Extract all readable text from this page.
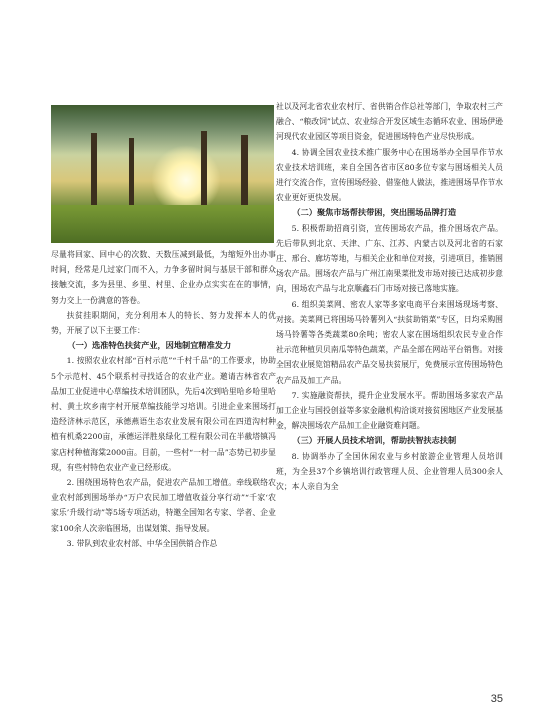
尽量将回家、回中心的次数、天数压减到最低，为缩短外出办事时间，经常是几过家门而不入，力争多留时间与基层干部和群众接触交流，多为县里、乡里、村里、企业办点实实在在的事情，努力交上一份满意的答卷。

扶贫挂职期间，充分利用本人的特长、努力发挥本人的优势，开展了以下主要工作：

（一）选准特色扶贫产业，因地制宜精准发力

1. 按照农业农村部“百村示范”“千村千品”的工作要求，协助5个示范村、45个联系村寻找适合的农业产业。邀请吉林省农产品加工业促进中心草编技术培训团队，先后4次到哈里哈乡哈里哈村、黄土坎乡南字村开展草编技能学习培训。引进企业来围场打造经济林示范区，承德燕语生态农业发展有限公司在四道沟村种植有机桑2200亩，承德运洋胜泉绿化工程有限公司在半截塔镇冯家店村种植海棠2000亩。目前，一些村“一村一品”态势已初步显现，有些村特色农业产业已经形成。

2. 围绕围场特色农产品，促进农产品加工增值。牵线联络农业农村部到围场举办“万户农民加工增值收益分享行动”“千家‘农家乐’升级行动”等5场专项活动，特邀全国知名专家、学者、企业家100余人次亲临围场，出谋划策、指导发展。

3. 带队到农业农村部、中华全国供销合作总

社以及河北省农业农村厅、省供销合作总社等部门，争取农村三产融合、“粮改饲”试点、农业综合开发区域生态循环农业、围场伊逊河现代农业园区等项目资金，促进围场特色产业尽快形成。

4. 协调全国农业技术推广服务中心在围场举办全国旱作节水农业技术培训班，来自全国各省市区80多位专家与围场相关人员进行交流合作，宣传围场经验、借鉴他人做法，推进围场旱作节水农业更好更快发展。

（二）聚焦市场帮扶带困，突出围场品牌打造

5. 积极帮助招商引资，宣传围场农产品，推介围场农产品。先后带队到北京、天津、广东、江苏、内蒙古以及河北省的石家庄、邢台、廊坊等地，与相关企业和单位对接，引进项目，推销围场农产品。围场农产品与广州江南果菜批发市场对接已达成初步意向，围场农产品与北京顺鑫石门市场对接已落地实施。

6. 组织美菜网、密农人家等多家电商平台来围场现场考察、对接。美菜网已将围场马铃薯列入“扶贫助销菜”专区，日均采购围场马铃薯等各类蔬菜80余吨；密农人家在围场组织农民专业合作社示范种植贝贝南瓜等特色蔬菜，产品全部在网站平台销售。对接全国农业展览馆精品农产品交易扶贫展厅，免费展示宣传围场特色农产品及加工产品。

7. 实施融资帮扶，提升企业发展水平。帮助围场多家农产品加工企业与国投创益等多家金融机构洽谈对接贫困地区产业发展基金，解决围场农产品加工企业融资难问题。

（三）开展人员技术培训，帮助扶智扶志扶制

8. 协调举办了全国休闲农业与乡村旅游企业管理人员培训班，为全县37个乡镇培训行政管理人员、企业管理人员300余人次；本人亲自为全

35
